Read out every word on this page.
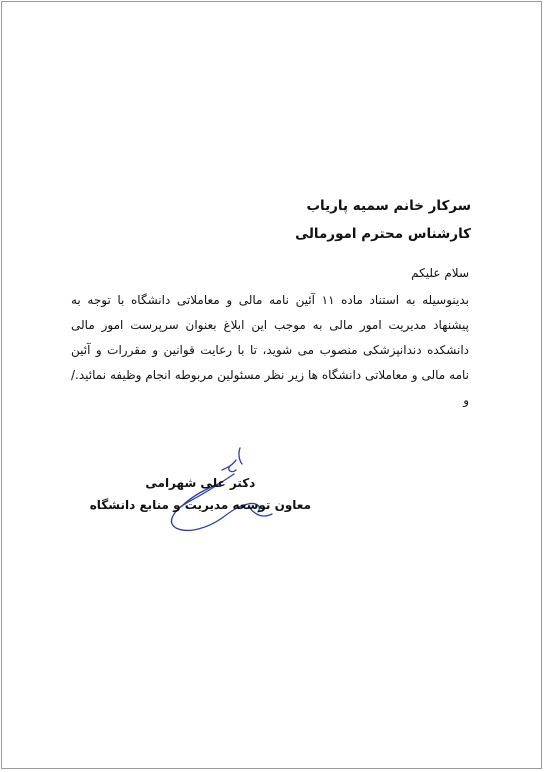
سرکار خانم سمیه پاریاب
کارشناس محترم امورمالی
سلام علیکم

بدینوسیله به استناد ماده ۱۱ آئین نامه مالی و معاملاتی دانشگاه با توجه به پیشنهاد مدیریت امور مالی به موجب این ابلاغ بعنوان سرپرست امور مالی دانشکده دندانپزشکی منصوب می شوید، تا با رعایت قوانین و مقررات و آئین نامه مالی و معاملاتی دانشگاه ها زیر نظر مسئولین مربوطه انجام وظیفه نمائید./و

دکتر علی شهرامی
معاون توسعه مدیریت و منابع دانشگاه
